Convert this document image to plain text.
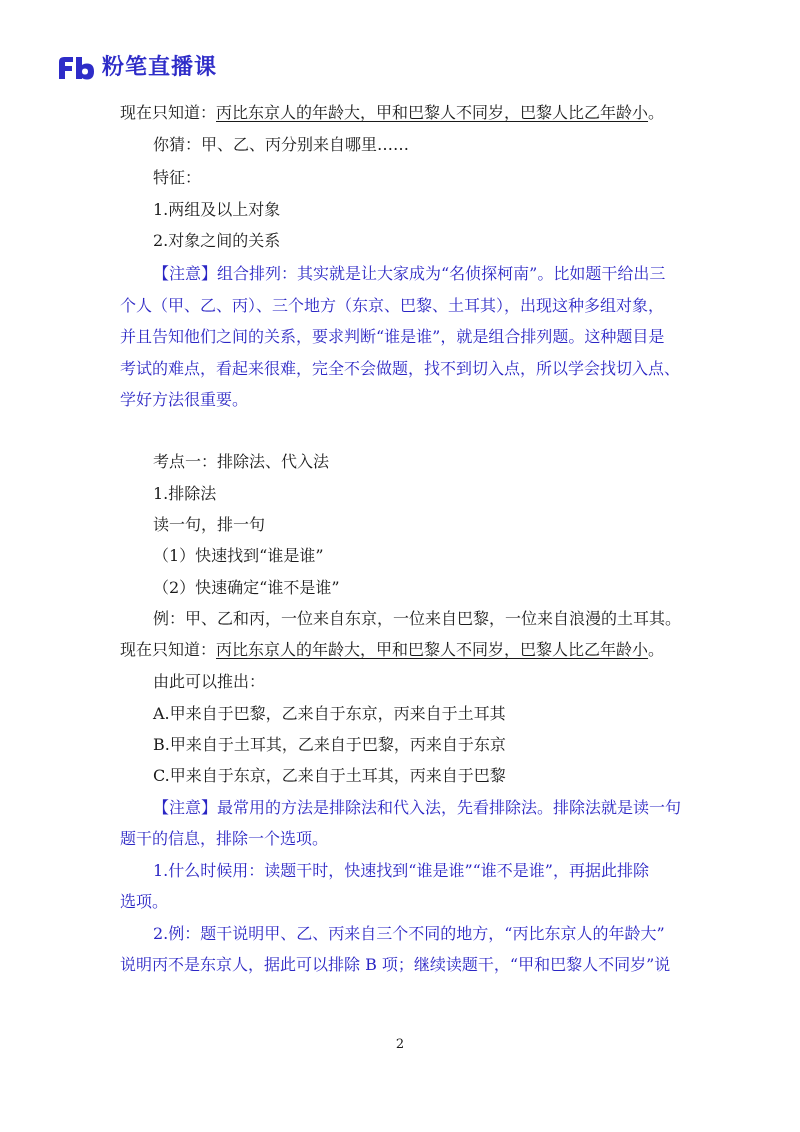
粉笔直播课

现在只知道：丙比东京人的年龄大，甲和巴黎人不同岁，巴黎人比乙年龄小。

你猜：甲、乙、丙分别来自哪里……

特征：

1.两组及以上对象

2.对象之间的关系

【注意】组合排列：其实就是让大家成为“名侦探柯南”。比如题干给出三

个人（甲、乙、丙）、三个地方（东京、巴黎、土耳其），出现这种多组对象，

并且告知他们之间的关系，要求判断“谁是谁”，就是组合排列题。这种题目是

考试的难点，看起来很难，完全不会做题，找不到切入点，所以学会找切入点、

学好方法很重要。

考点一：排除法、代入法

1.排除法

读一句，排一句

（1）快速找到“谁是谁”

（2）快速确定“谁不是谁”

例：甲、乙和丙，一位来自东京，一位来自巴黎，一位来自浪漫的土耳其。

现在只知道：丙比东京人的年龄大，甲和巴黎人不同岁，巴黎人比乙年龄小。

由此可以推出：

A.甲来自于巴黎，乙来自于东京，丙来自于土耳其

B.甲来自于土耳其，乙来自于巴黎，丙来自于东京

C.甲来自于东京，乙来自于土耳其，丙来自于巴黎

【注意】最常用的方法是排除法和代入法，先看排除法。排除法就是读一句

题干的信息，排除一个选项。

1.什么时候用：读题干时，快速找到“谁是谁”“谁不是谁”，再据此排除

选项。

2.例：题干说明甲、乙、丙来自三个不同的地方，“丙比东京人的年龄大”

说明丙不是东京人，据此可以排除 B 项；继续读题干，“甲和巴黎人不同岁”说

2
